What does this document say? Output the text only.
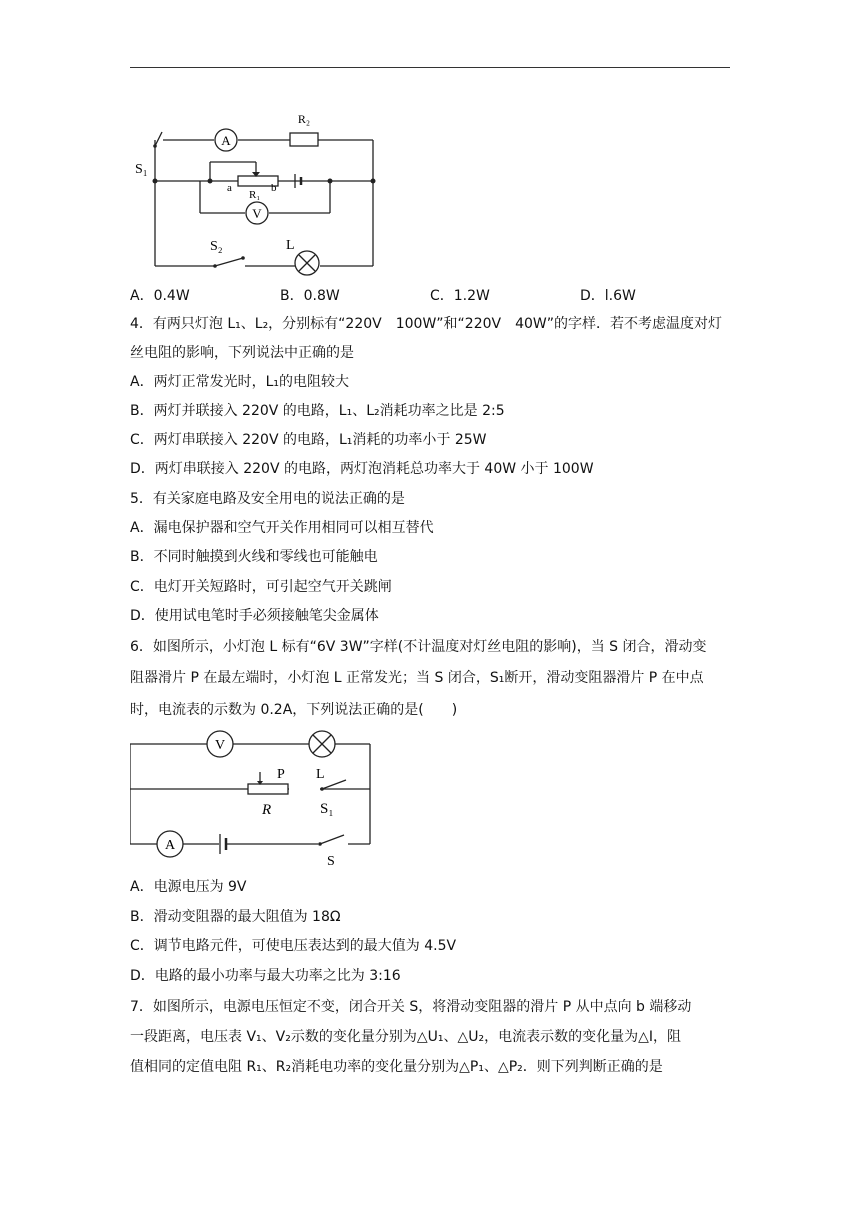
A
R₂
S₁
a
R₁
b
V
S₂	L
A．0.4W	B．0.8W	C．1.2W	D．l.6W
4．有两只灯泡 L₁、L₂，分别标有“220V　100W”和“220V　40W”的字样．若不考虑温度对灯
丝电阻的影响，下列说法中正确的是
A．两灯正常发光时，L₁的电阻较大
B．两灯并联接入 220V 的电路，L₁、L₂消耗功率之比是 2:5
C．两灯串联接入 220V 的电路，L₁消耗的功率小于 25W
D．两灯串联接入 220V 的电路，两灯泡消耗总功率大于 40W 小于 100W
5．有关家庭电路及安全用电的说法正确的是
A．漏电保护器和空气开关作用相同可以相互替代
B．不同时触摸到火线和零线也可能触电
C．电灯开关短路时，可引起空气开关跳闸
D．使用试电笔时手必须接触笔尖金属体
6．如图所示，小灯泡 L 标有“6V 3W”字样(不计温度对灯丝电阻的影响)，当 S 闭合，滑动变
阻器滑片 P 在最左端时，小灯泡 L 正常发光；当 S 闭合，S₁断开，滑动变阻器滑片 P 在中点
时，电流表的示数为 0.2A，下列说法正确的是(　　)
V
P L
R	S₁
A
S
A．电源电压为 9V
B．滑动变阻器的最大阻值为 18Ω
C．调节电路元件，可使电压表达到的最大值为 4.5V
D．电路的最小功率与最大功率之比为 3:16
7．如图所示，电源电压恒定不变，闭合开关 S，将滑动变阻器的滑片 P 从中点向 b 端移动
一段距离，电压表 V₁、V₂示数的变化量分别为△U₁、△U₂，电流表示数的变化量为△I，阻
值相同的定值电阻 R₁、R₂消耗电功率的变化量分别为△P₁、△P₂．则下列判断正确的是
